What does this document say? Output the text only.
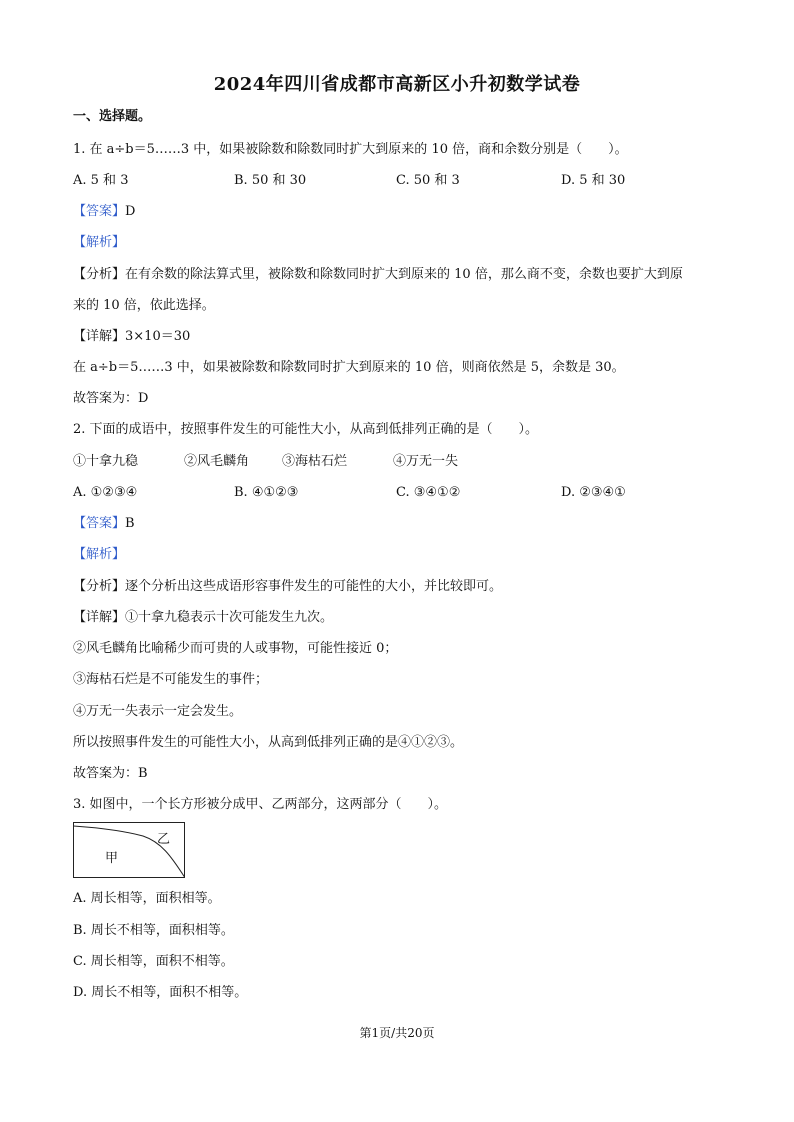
2024年四川省成都市高新区小升初数学试卷
一、选择题。
1. 在 a÷b＝5……3 中，如果被除数和除数同时扩大到原来的 10 倍，商和余数分别是（　　）。
A. 5 和 3	B. 50 和 30	C. 50 和 3	D. 5 和 30
【答案】D
【解析】
【分析】在有余数的除法算式里，被除数和除数同时扩大到原来的 10 倍，那么商不变，余数也要扩大到原
来的 10 倍，依此选择。
【详解】3×10＝30
在 a÷b＝5……3 中，如果被除数和除数同时扩大到原来的 10 倍，则商依然是 5，余数是 30。
故答案为：D
2. 下面的成语中，按照事件发生的可能性大小，从高到低排列正确的是（　　）。
①十拿九稳	②风毛麟角	③海枯石烂	④万无一失
A. ①②③④	B. ④①②③	C. ③④①②	D. ②③④①
【答案】B
【解析】
【分析】逐个分析出这些成语形容事件发生的可能性的大小，并比较即可。
【详解】①十拿九稳表示十次可能发生九次。
②风毛麟角比喻稀少而可贵的人或事物，可能性接近 0；
③海枯石烂是不可能发生的事件；
④万无一失表示一定会发生。
所以按照事件发生的可能性大小，从高到低排列正确的是④①②③。
故答案为：B
3. 如图中，一个长方形被分成甲、乙两部分，这两部分（　　）。
甲
乙
A. 周长相等，面积相等。
B. 周长不相等，面积相等。
C. 周长相等，面积不相等。
D. 周长不相等，面积不相等。
第1页/共20页
